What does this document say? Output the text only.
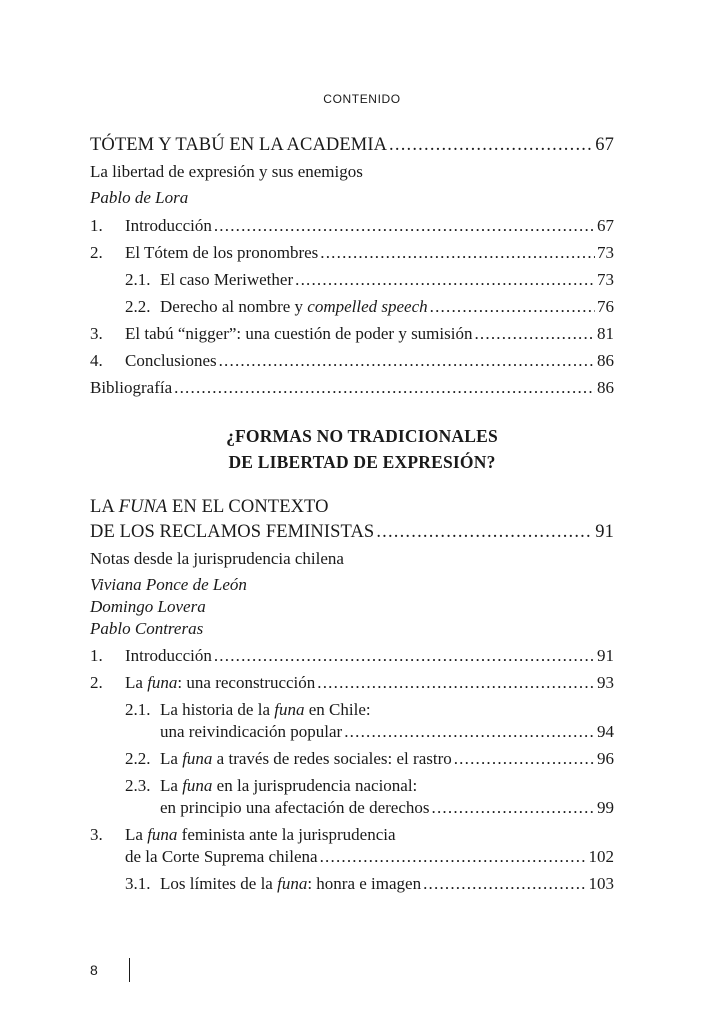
CONTENIDO
TÓTEM Y TABÚ EN LA ACADEMIA .....	67
La libertad de expresión y sus enemigos
Pablo de Lora
1. Introducción .....	67
2. El Tótem de los pronombres .....	73
2.1. El caso Meriwether .....	73
2.2. Derecho al nombre y compelled speech .....	76
3. El tabú “nigger”: una cuestión de poder y sumisión .....	81
4. Conclusiones .....	86
Bibliografía .....	86
¿FORMAS NO TRADICIONALES
DE LIBERTAD DE EXPRESIÓN?
LA FUNA EN EL CONTEXTO
DE LOS RECLAMOS FEMINISTAS .....	91
Notas desde la jurisprudencia chilena
Viviana Ponce de León
Domingo Lovera
Pablo Contreras
1. Introducción .....	91
2. La funa: una reconstrucción .....	93
2.1. La historia de la funa en Chile:
una reivindicación popular .....	94
2.2. La funa a través de redes sociales: el rastro .....	96
2.3. La funa en la jurisprudencia nacional:
en principio una afectación de derechos .....	99
3. La funa feminista ante la jurisprudencia
de la Corte Suprema chilena .....	102
3.1. Los límites de la funa: honra e imagen .....	103
8
